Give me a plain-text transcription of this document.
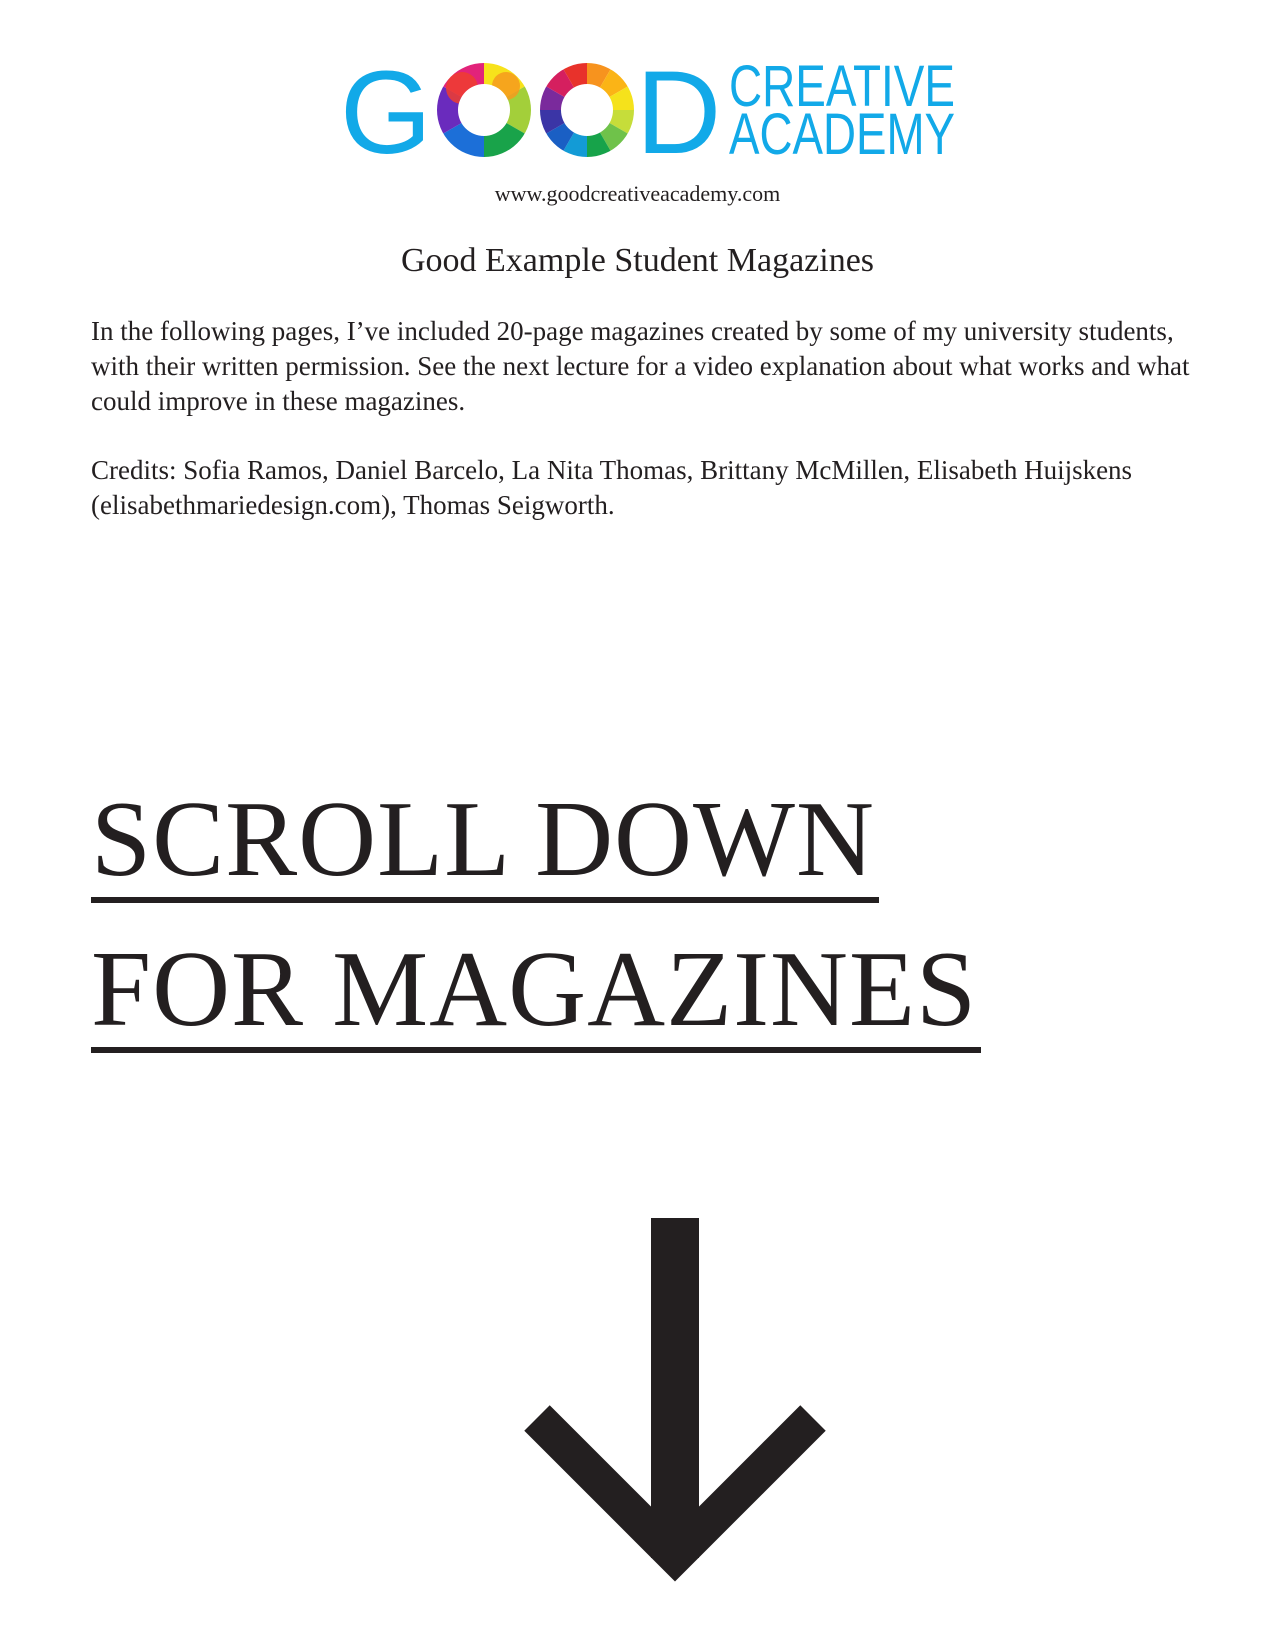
G D CREATIVE
ACADEMY
www.goodcreativeacademy.com
Good Example Student Magazines

In the following pages, I’ve included 20-page magazines created by some of my university students, with their written permission. See the next lecture for a video explanation about what works and what could improve in these magazines.

Credits: Sofia Ramos, Daniel Barcelo, La Nita Thomas, Brittany McMillen, Elisabeth Huijskens (elisabethmariedesign.com), Thomas Seigworth.

SCROLL DOWN
FOR MAGAZINES
